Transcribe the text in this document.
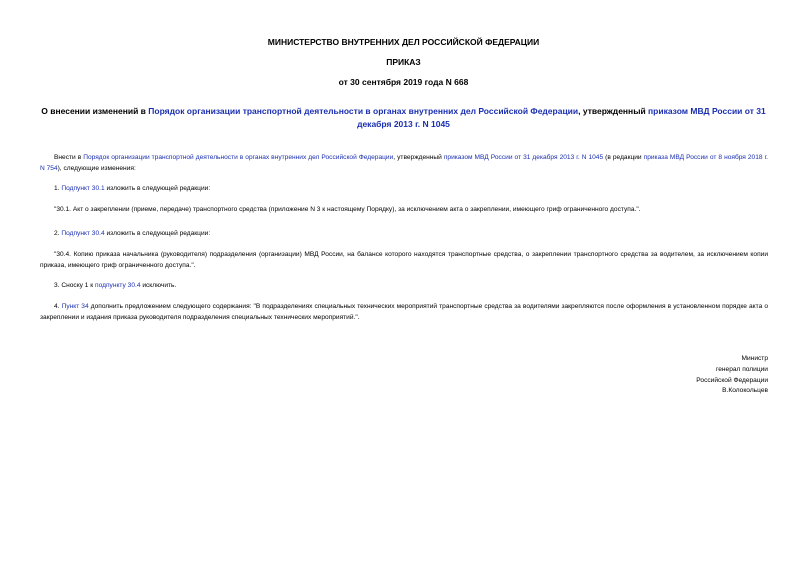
МИНИСТЕРСТВО ВНУТРЕННИХ ДЕЛ РОССИЙСКОЙ ФЕДЕРАЦИИ
ПРИКАЗ
от 30 сентября 2019 года N 668
О внесении изменений в Порядок организации транспортной деятельности в органах внутренних дел Российской Федерации, утвержденный приказом МВД России от 31 декабря 2013 г. N 1045
Внести в Порядок организации транспортной деятельности в органах внутренних дел Российской Федерации, утвержденный приказом МВД России от 31 декабря 2013 г. N 1045 (в редакции приказа МВД России от 8 ноября 2018 г. N 754), следующие изменения:
1. Подпункт 30.1 изложить в следующей редакции:
"30.1. Акт о закреплении (приеме, передаче) транспортного средства (приложение N 3 к настоящему Порядку), за исключением акта о закреплении, имеющего гриф ограниченного доступа.".
2. Подпункт 30.4 изложить в следующей редакции:
"30.4. Копию приказа начальника (руководителя) подразделения (организации) МВД России, на балансе которого находятся транспортные средства, о закреплении транспортного средства за водителем, за исключением копии приказа, имеющего гриф ограниченного доступа.".
3. Сноску 1 к подпункту 30.4 исключить.
4. Пункт 34 дополнить предложением следующего содержания: "В подразделениях специальных технических мероприятий транспортные средства за водителями закрепляются после оформления в установленном порядке акта о закреплении и издания приказа руководителя подразделения специальных технических мероприятий.".
Министр
генерал полиции
Российской Федерации
В.Колокольцев
